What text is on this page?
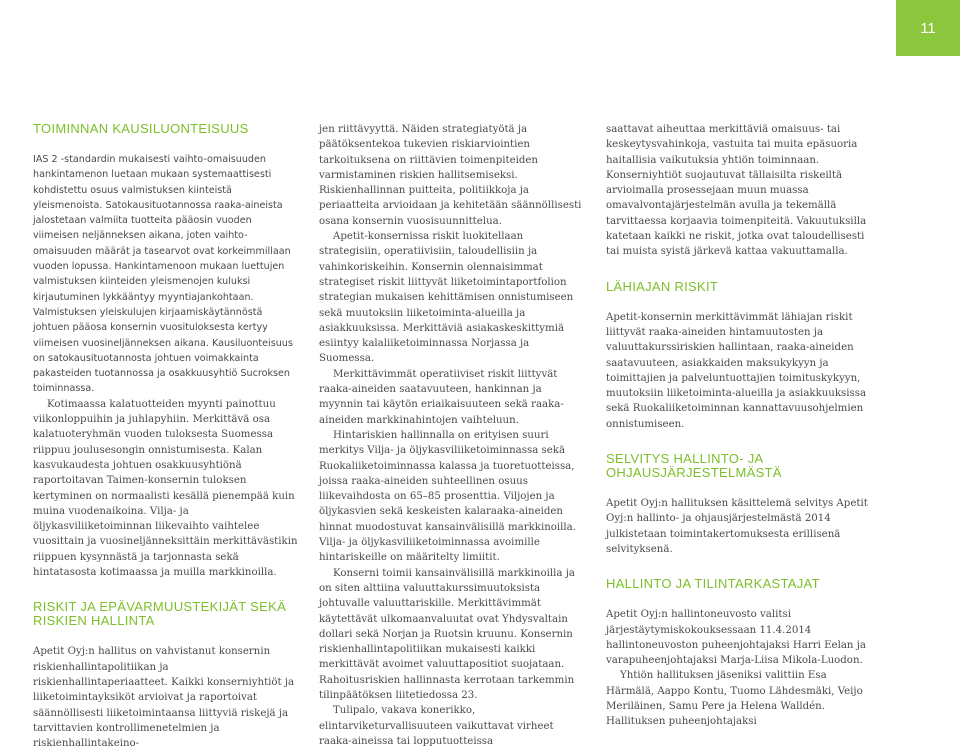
11
TOIMINNAN KAUSILUONTEISUUS

IAS 2 -standardin mukaisesti vaihto-omaisuuden hankintamenon luetaan mukaan systemaattisesti kohdistettu osuus valmistuksen kiinteistä yleismenoista. Satokausituotannossa raaka-aineista jalostetaan valmiita tuotteita pääosin vuoden viimeisen neljänneksen aikana, joten vaihto-omaisuuden määrät ja tasearvot ovat korkeimmillaan vuoden lopussa. Hankintamenoon mukaan luettujen valmistuksen kiinteiden yleismenojen kuluksi kirjautuminen lykkääntyy myyntiajankohtaan. Valmistuksen yleiskulujen kirjaamiskäytännöstä johtuen pääosa konsernin vuosituloksesta kertyy viimeisen vuosineljänneksen aikana. Kausiluonteisuus on satokausituotannosta johtuen voimakkainta pakasteiden tuotannossa ja osakkuusyhtiö Sucroksen toiminnassa.

Kotimaassa kalatuotteiden myynti painottuu viikonloppuihin ja juhlapyhiin. Merkittävä osa kalatuoteryhmän vuoden tuloksesta Suomessa riippuu joulusesongin onnistumisesta. Kalan kasvukaudesta johtuen osakkuusyhtiönä raportoitavan Taimen-konsernin tuloksen kertyminen on normaalisti kesällä pienempää kuin muina vuodenaikoina. Vilja- ja öljykasviliiketoiminnan liikevaihto vaihtelee vuosittain ja vuosineljänneksittäin merkittävästikin riippuen kysynnästä ja tarjonnasta sekä hintatasosta kotimaassa ja muilla markkinoilla.

RISKIT JA EPÄVARMUUSTEKIJÄT SEKÄ RISKIEN HALLINTA

Apetit Oyj:n hallitus on vahvistanut konsernin riskienhallintapolitiikan ja riskienhallintaperiaatteet. Kaikki konserniyhtiöt ja liiketoimintayksiköt arvioivat ja raportoivat säännöllisesti liiketoimintaansa liittyviä riskejä ja tarvittavien kontrollimenetelmien ja riskienhallintakeino-

jen riittävyyttä. Näiden strategiatyötä ja päätöksentekoa tukevien riskiarviointien tarkoituksena on riittävien toimenpiteiden varmistaminen riskien hallitsemiseksi. Riskienhallinnan puitteita, politiikkoja ja periaatteita arvioidaan ja kehitetään säännöllisesti osana konsernin vuosisuunnittelua.

Apetit-konsernissa riskit luokitellaan strategisiin, operatiivisiin, taloudellisiin ja vahinkoriskeihin. Konsernin olennaisimmat strategiset riskit liittyvät liiketoimintaportfolion strategian mukaisen kehittämisen onnistumiseen sekä muutoksiin liiketoiminta-alueilla ja asiakkuuksissa. Merkittäviä asiakaskeskittymiä esiintyy kalaliiketoiminnassa Norjassa ja Suomessa.

Merkittävimmät operatiiviset riskit liittyvät raaka-aineiden saatavuuteen, hankinnan ja myynnin tai käytön eriaikaisuuteen sekä raaka-aineiden markkinahintojen vaihteluun.

Hintariskien hallinnalla on erityisen suuri merkitys Vilja- ja öljykasviliiketoiminnassa sekä Ruokaliiketoiminnassa kalassa ja tuoretuotteissa, joissa raaka-aineiden suhteellinen osuus liikevaihdosta on 65–85 prosenttia. Viljojen ja öljykasvien sekä keskeisten kalaraaka-aineiden hinnat muodostuvat kansainvälisillä markkinoilla. Vilja- ja öljykasviliiketoiminnassa avoimille hintariskeille on määritelty limiitit.

Konserni toimii kansainvälisillä markkinoilla ja on siten alttiina valuuttakurssimuutoksista johtuvalle valuuttariskille. Merkittävimmät käytettävät ulkomaanvaluutat ovat Yhdysvaltain dollari sekä Norjan ja Ruotsin kruunu. Konsernin riskienhallintapolitiikan mukaisesti kaikki merkittävät avoimet valuuttapositiot suojataan. Rahoitusriskien hallinnasta kerrotaan tarkemmin tilinpäätöksen liitetiedossa 23.

Tulipalo, vakava konerikko, elintarviketurvallisuuteen vaikuttavat virheet raaka-aineissa tai lopputuotteissa

saattavat aiheuttaa merkittäviä omaisuus- tai keskeytysvahinkoja, vastuita tai muita epäsuoria haitallisia vaikutuksia yhtiön toiminnaan. Konserniyhtiöt suojautuvat tällaisilta riskeiltä arvioimalla prosessejaan muun muassa omavalvontajärjestelmän avulla ja tekemällä tarvittaessa korjaavia toimenpiteitä. Vakuutuksilla katetaan kaikki ne riskit, jotka ovat taloudellisesti tai muista syistä järkevä kattaa vakuuttamalla.

LÄHIAJAN RISKIT

Apetit-konsernin merkittävimmät lähiajan riskit liittyvät raaka-aineiden hintamuutosten ja valuuttakurssiriskien hallintaan, raaka-aineiden saatavuuteen, asiakkaiden maksukykyyn ja toimittajien ja palveluntuottajien toimituskykyyn, muutoksiin liiketoiminta-alueilla ja asiakkuuksissa sekä Ruokaliiketoiminnan kannattavuusohjelmien onnistumiseen.

SELVITYS HALLINTO- JA OHJAUSJÄRJESTELMÄSTÄ

Apetit Oyj:n hallituksen käsittelemä selvitys Apetit Oyj:n hallinto- ja ohjausjärjestelmästä 2014 julkistetaan toimintakertomuksesta erillisenä selvityksenä.

HALLINTO JA TILINTARKASTAJAT

Apetit Oyj:n hallintoneuvosto valitsi järjestäytymiskokouksessaan 11.4.2014 hallintoneuvoston puheenjohtajaksi Harri Eelan ja varapuheenjohtajaksi Marja-Liisa Mikola-Luodon.

Yhtiön hallituksen jäseniksi valittiin Esa Härmälä, Aappo Kontu, Tuomo Lähdesmäki, Veijo Meriläinen, Samu Pere ja Helena Walldén. Hallituksen puheenjohtajaksi
